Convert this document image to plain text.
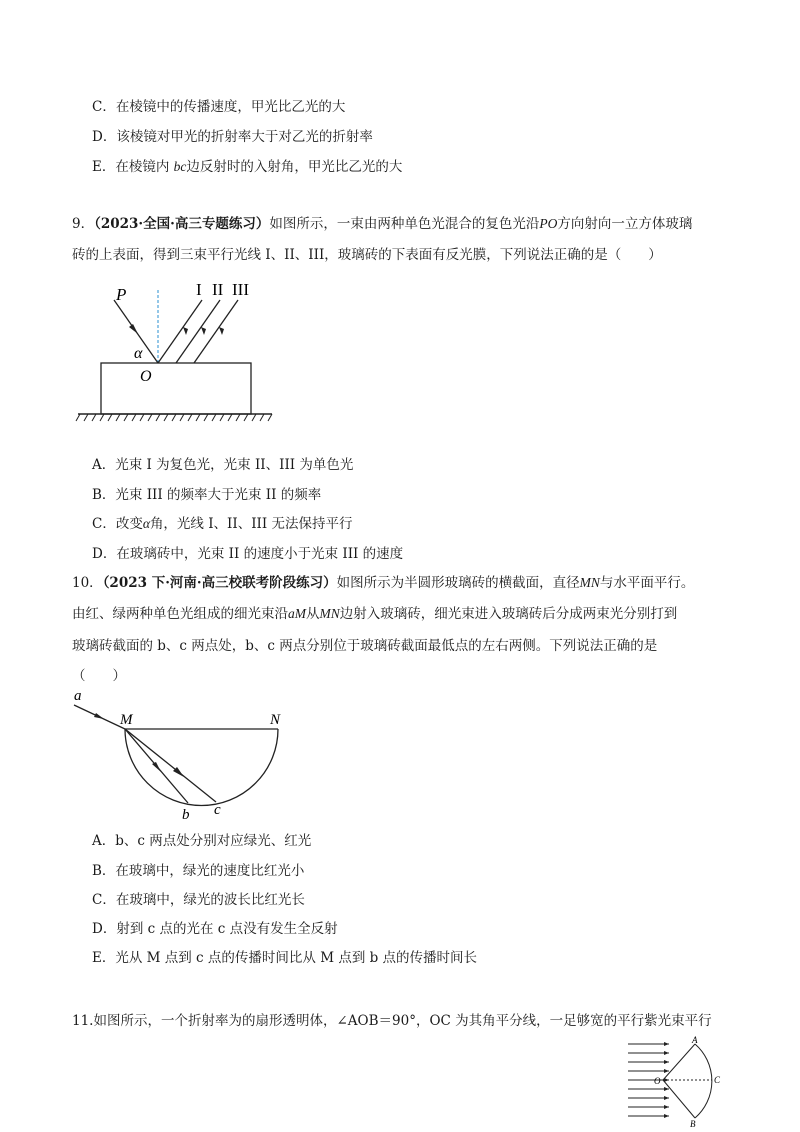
C．在棱镜中的传播速度，甲光比乙光的大
D．该棱镜对甲光的折射率大于对乙光的折射率
E．在棱镜内 bc边反射时的入射角，甲光比乙光的大
9．（2023·全国·高三专题练习）如图所示，一束由两种单色光混合的复色光沿PO方向射向一立方体玻璃
砖的上表面，得到三束平行光线 I、II、III，玻璃砖的下表面有反光膜，下列说法正确的是（　　）
P
α
O
I II III
A．光束 I 为复色光，光束 II、III 为单色光
B．光束 III 的频率大于光束 II 的频率
C．改变α角，光线 I、II、III 无法保持平行
D．在玻璃砖中，光束 II 的速度小于光束 III 的速度
10．（2023 下·河南·高三校联考阶段练习）如图所示为半圆形玻璃砖的横截面，直径MN与水平面平行。
由红、绿两种单色光组成的细光束沿aM从MN边射入玻璃砖，细光束进入玻璃砖后分成两束光分别打到
玻璃砖截面的 b、c 两点处，b、c 两点分别位于玻璃砖截面最低点的左右两侧。下列说法正确的是
（　　）
a
M	N
b c
A．b、c 两点处分别对应绿光、红光
B．在玻璃中，绿光的速度比红光小
C．在玻璃中，绿光的波长比红光长
D．射到 c 点的光在 c 点没有发生全反射
E．光从 M 点到 c 点的传播时间比从 M 点到 b 点的传播时间长
11.如图所示，一个折射率为的扇形透明体，∠AOB＝90°，OC 为其角平分线，一足够宽的平行紫光束平行
A
B
C
O
